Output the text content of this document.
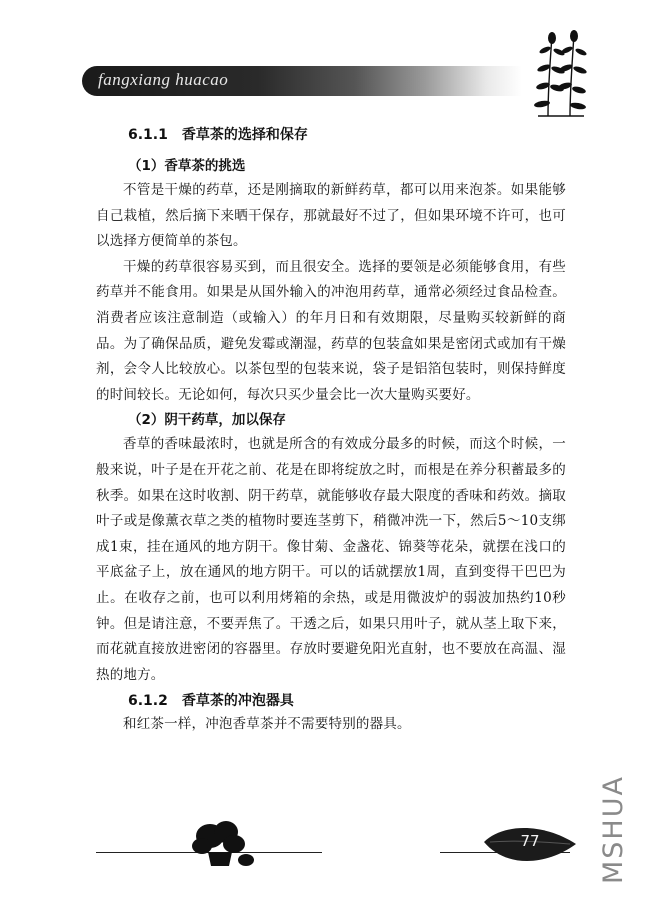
fangxiang huacao
6.1.1　香草茶的选择和保存
（1）香草茶的挑选

不管是干燥的药草，还是刚摘取的新鲜药草，都可以用来泡茶。如果能够自己栽植，然后摘下来晒干保存，那就最好不过了，但如果环境不许可，也可以选择方便简单的茶包。

干燥的药草很容易买到，而且很安全。选择的要领是必须能够食用，有些药草并不能食用。如果是从国外输入的冲泡用药草，通常必须经过食品检查。消费者应该注意制造（或输入）的年月日和有效期限，尽量购买较新鲜的商品。为了确保品质，避免发霉或潮湿，药草的包装盒如果是密闭式或加有干燥剂，会令人比较放心。以茶包型的包装来说，袋子是铝箔包装时，则保持鲜度的时间较长。无论如何，每次只买少量会比一次大量购买要好。

（2）阴干药草，加以保存

香草的香味最浓时，也就是所含的有效成分最多的时候，而这个时候，一般来说，叶子是在开花之前、花是在即将绽放之时，而根是在养分积蓄最多的秋季。如果在这时收割、阴干药草，就能够收存最大限度的香味和药效。摘取叶子或是像薰衣草之类的植物时要连茎剪下，稍微冲洗一下，然后5～10支绑成1束，挂在通风的地方阴干。像甘菊、金盏花、锦葵等花朵，就摆在浅口的平底盆子上，放在通风的地方阴干。可以的话就摆放1周，直到变得干巴巴为止。在收存之前，也可以利用烤箱的余热，或是用微波炉的弱波加热约10秒钟。但是请注意，不要弄焦了。干透之后，如果只用叶子，就从茎上取下来，而花就直接放进密闭的容器里。存放时要避免阳光直射，也不要放在高温、湿热的地方。

6.1.2　香草茶的冲泡器具

和红茶一样，冲泡香草茶并不需要特别的器具。

77	MSHUA
